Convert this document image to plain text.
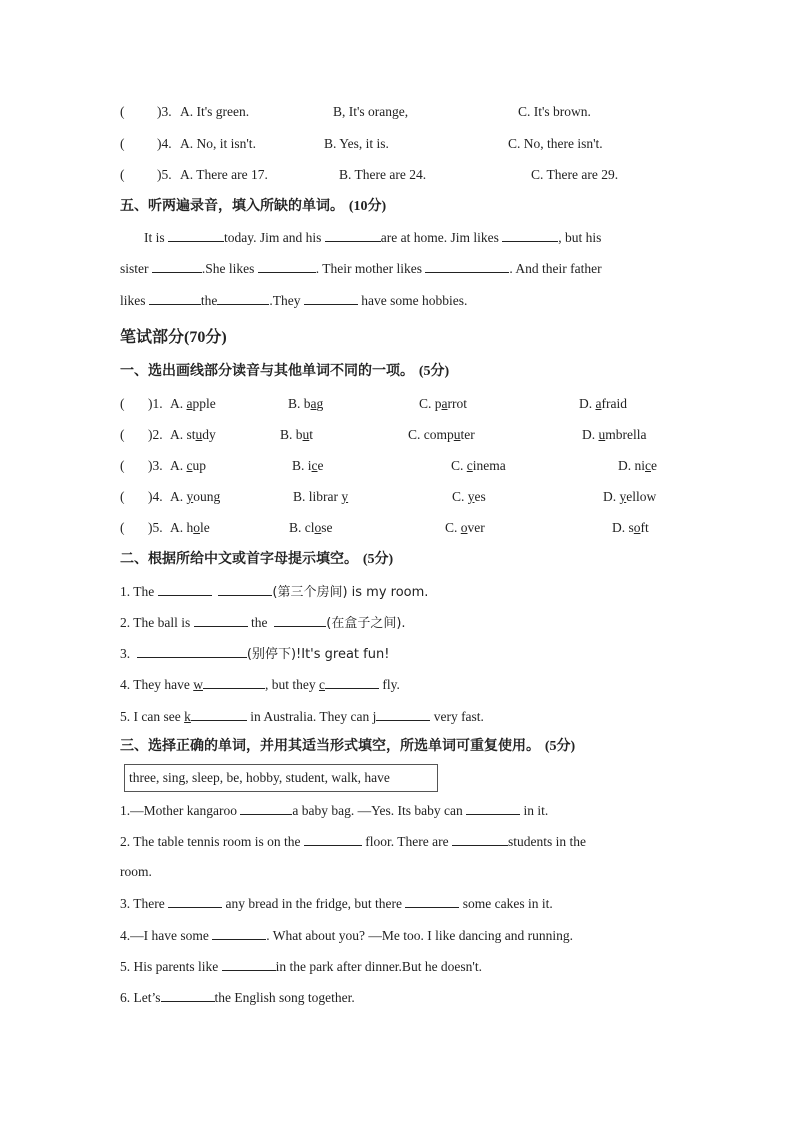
( )3. A. It's green.	B, It's orange,	C. It's brown.
( )4. A. No, it isn't.	B. Yes, it is.	C. No, there isn't.
( )5. A. There are 17.	B. There are 24.	C. There are 29.
五、听两遍录音，填入所缺的单词。 (10分)
It is	today. Jim and his	are at home. Jim likes	, but his
sister	.She likes	. Their mother likes	. And their father
likes	the	.They	have some hobbies.
笔试部分(70分)
一、选出画线部分读音与其他单词不同的一项。 (5分)
( )1. A. apple	B. bag	C. parrot	D. afraid
( )2. A. study	B. but	C. computer	D. umbrella
( )3. A. cup	B. ice	C. cinema	D. nice
( )4. A. young	B. librar y	C. yes	D. yellow
( )5. A. hole	B. close	C. over	D. soft
二、根据所给中文或首字母提示填空。 (5分)
1. The	(第三个房间) is my room.
2. The ball is	the	(在盒子之间).
3.	(别停下)!It's great fun!
4. They have w	, but they c	fly.
5. I can see k	in Australia. They can j	very fast.
三、选择正确的单词，并用其适当形式填空，所选单词可重复使用。 (5分)
three, sing, sleep, be, hobby, student, walk, have
1.—Mother kangaroo	a baby bag. —Yes. Its baby can	in it.
2. The table tennis room is on the	floor. There are	students in the
room.
3. There	any bread in the fridge, but there	some cakes in it.
4.—I have some	. What about you? —Me too. I like dancing and running.
5. His parents like	in the park after dinner.But he doesn't.
6. Let’s	the English song together.
